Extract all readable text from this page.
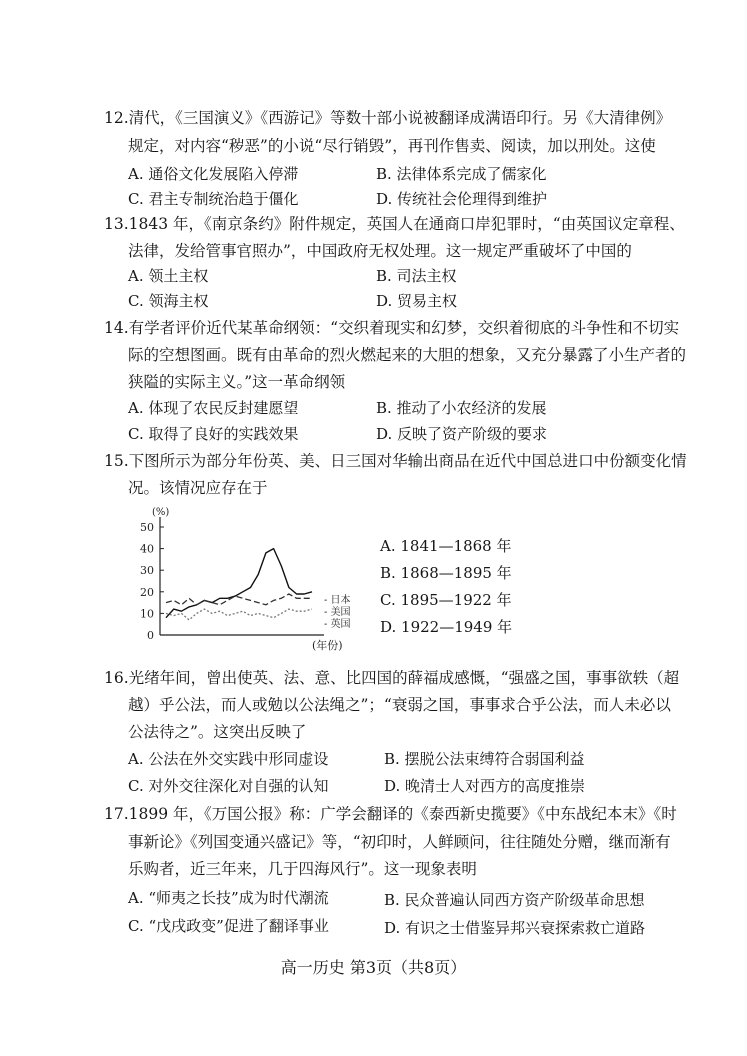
12.清代，《三国演义》《西游记》等数十部小说被翻译成满语印行。另《大清律例》
规定，对内容“秽恶”的小说“尽行销毁”，再刊作售卖、阅读，加以刑处。这使
A. 通俗文化发展陷入停滞	B. 法律体系完成了儒家化
C. 君主专制统治趋于僵化	D. 传统社会伦理得到维护
13.1843 年，《南京条约》附件规定，英国人在通商口岸犯罪时，“由英国议定章程、
法律，发给管事官照办”，中国政府无权处理。这一规定严重破坏了中国的
A. 领土主权	B. 司法主权
C. 领海主权	D. 贸易主权
14.有学者评价近代某革命纲领：“交织着现实和幻梦，交织着彻底的斗争性和不切实
际的空想图画。既有由革命的烈火燃起来的大胆的想象，又充分暴露了小生产者的
狭隘的实际主义。”这一革命纲领
A. 体现了农民反封建愿望	B. 推动了小农经济的发展
C. 取得了良好的实践效果	D. 反映了资产阶级的要求
15.下图所示为部分年份英、美、日三国对华输出商品在近代中国总进口中份额变化情
况。该情况应存在于
0
10
20
30
40
50
(%)
(年份)
- 日本
- 美国
- 英国
A. 1841—1868 年
B. 1868—1895 年
C. 1895—1922 年
D. 1922—1949 年
16.光绪年间，曾出使英、法、意、比四国的薛福成感慨，“强盛之国，事事欲轶（超
越）乎公法，而人或勉以公法绳之”；“衰弱之国，事事求合乎公法，而人未必以
公法待之”。这突出反映了
A. 公法在外交实践中形同虚设	B. 摆脱公法束缚符合弱国利益
C. 对外交往深化对自强的认知	D. 晚清士人对西方的高度推崇
17.1899 年，《万国公报》称：广学会翻译的《泰西新史揽要》《中东战纪本末》《时
事新论》《列国变通兴盛记》等，“初印时，人鲜顾问，往往随处分赠，继而渐有
乐购者，近三年来，几于四海风行”。这一现象表明
A. “师夷之长技”成为时代潮流	B. 民众普遍认同西方资产阶级革命思想
C. “戊戌政变”促进了翻译事业	D. 有识之士借鉴异邦兴衰探索救亡道路
高一历史 第3页（共8页）
